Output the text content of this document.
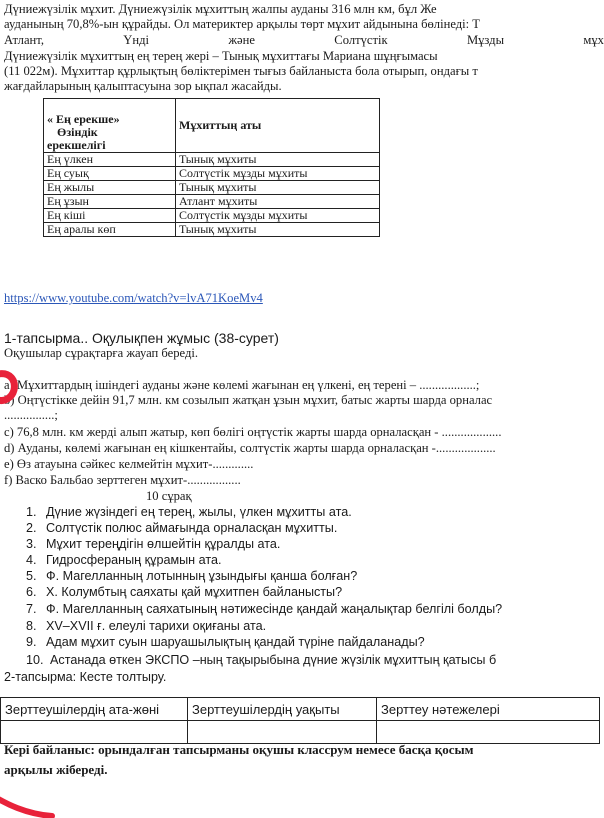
Дүниежүзілік мұхит. Дүниежүзілік мұхиттың жалпы ауданы 316 млн км, бұл Же
ауданының 70,8%-ын құрайды. Ол материктер арқылы төрт мұхит айдынына бөлінеді: Т
Атлант,	Үнді	және	Солтүстік	Мұзды	мұх
Дүниежүзілік мұхиттың ең терең жері – Тынық мұхиттағы Мариана шұңғымасы
(11 022м). Мұхиттар құрлықтың бөліктерімен тығыз байланыста бола отырып, ондағы т
жағдайларының қалыптасуына зор ықпал жасайды.
« Ең ерекше»
Өзіндік
ерекшелігі	Мұхиттың аты
Ең үлкен	Тынық мұхиты
Ең суық	Солтүстік мұзды мұхиты
Ең жылы	Тынық мұхиты
Ең ұзын	Атлант мұхиты
Ең кіші	Солтүстік мұзды мұхиты
Ең аралы көп	Тынық мұхиты
https://www.youtube.com/watch?v=lvA71KoeMv4
1-тапсырма.. Оқулықпен жұмыс (38-сурет)
Оқушылар сұрақтарға жауап береді.
а) Мұхиттардың ішіндегі ауданы және көлемі жағынан ең үлкені, ең терені – ..................;
b) Оңтүстікке дейін 91,7 млн. км созылып жатқан ұзын мұхит, батыс жарты шарда орналас
................;
с) 76,8 млн. км жерді алып жатыр, көп бөлігі оңтүстік жарты шарда орналасқан - ...................
d) Ауданы, көлемі жағынан ең кішкентайы, солтүстік жарты шарда орналасқан -...................
e) Өз атауына сәйкес келмейтін мұхит-.............
f) Васко Бальбао зерттеген мұхит-.................
10 сұрақ
1. Дүние жүзіндегі ең терең, жылы, үлкен мұхитты ата.
2. Солтүстік полюс аймағында орналасқан мұхитты.
3. Мұхит тереңдігін өлшейтін құралды ата.
4. Гидросфераның құрамын ата.
5. Ф. Магелланның лотынның ұзындығы қанша болған?
6. Х. Колумбтың саяхаты қай мұхитпен байланысты?
7. Ф. Магелланның саяхатының нәтижесінде қандай жаңалықтар белгілі болды?
8. XV–XVII ғ. елеулі тарихи оқиғаны ата.
9. Адам мұхит суын шаруашылықтың қандай түріне пайдаланады?
10. Астанада өткен ЭКСПО –ның тақырыбына дүние жүзілік мұхиттың қатысы б
2-тапсырма: Кесте толтыру.
Зерттеушілердің ата-жөні	Зерттеушілердің уақыты	Зерттеу нәтежелері

Кері байланыс: орындалған тапсырманы оқушы классрум немесе басқа қосым
арқылы жібереді.
